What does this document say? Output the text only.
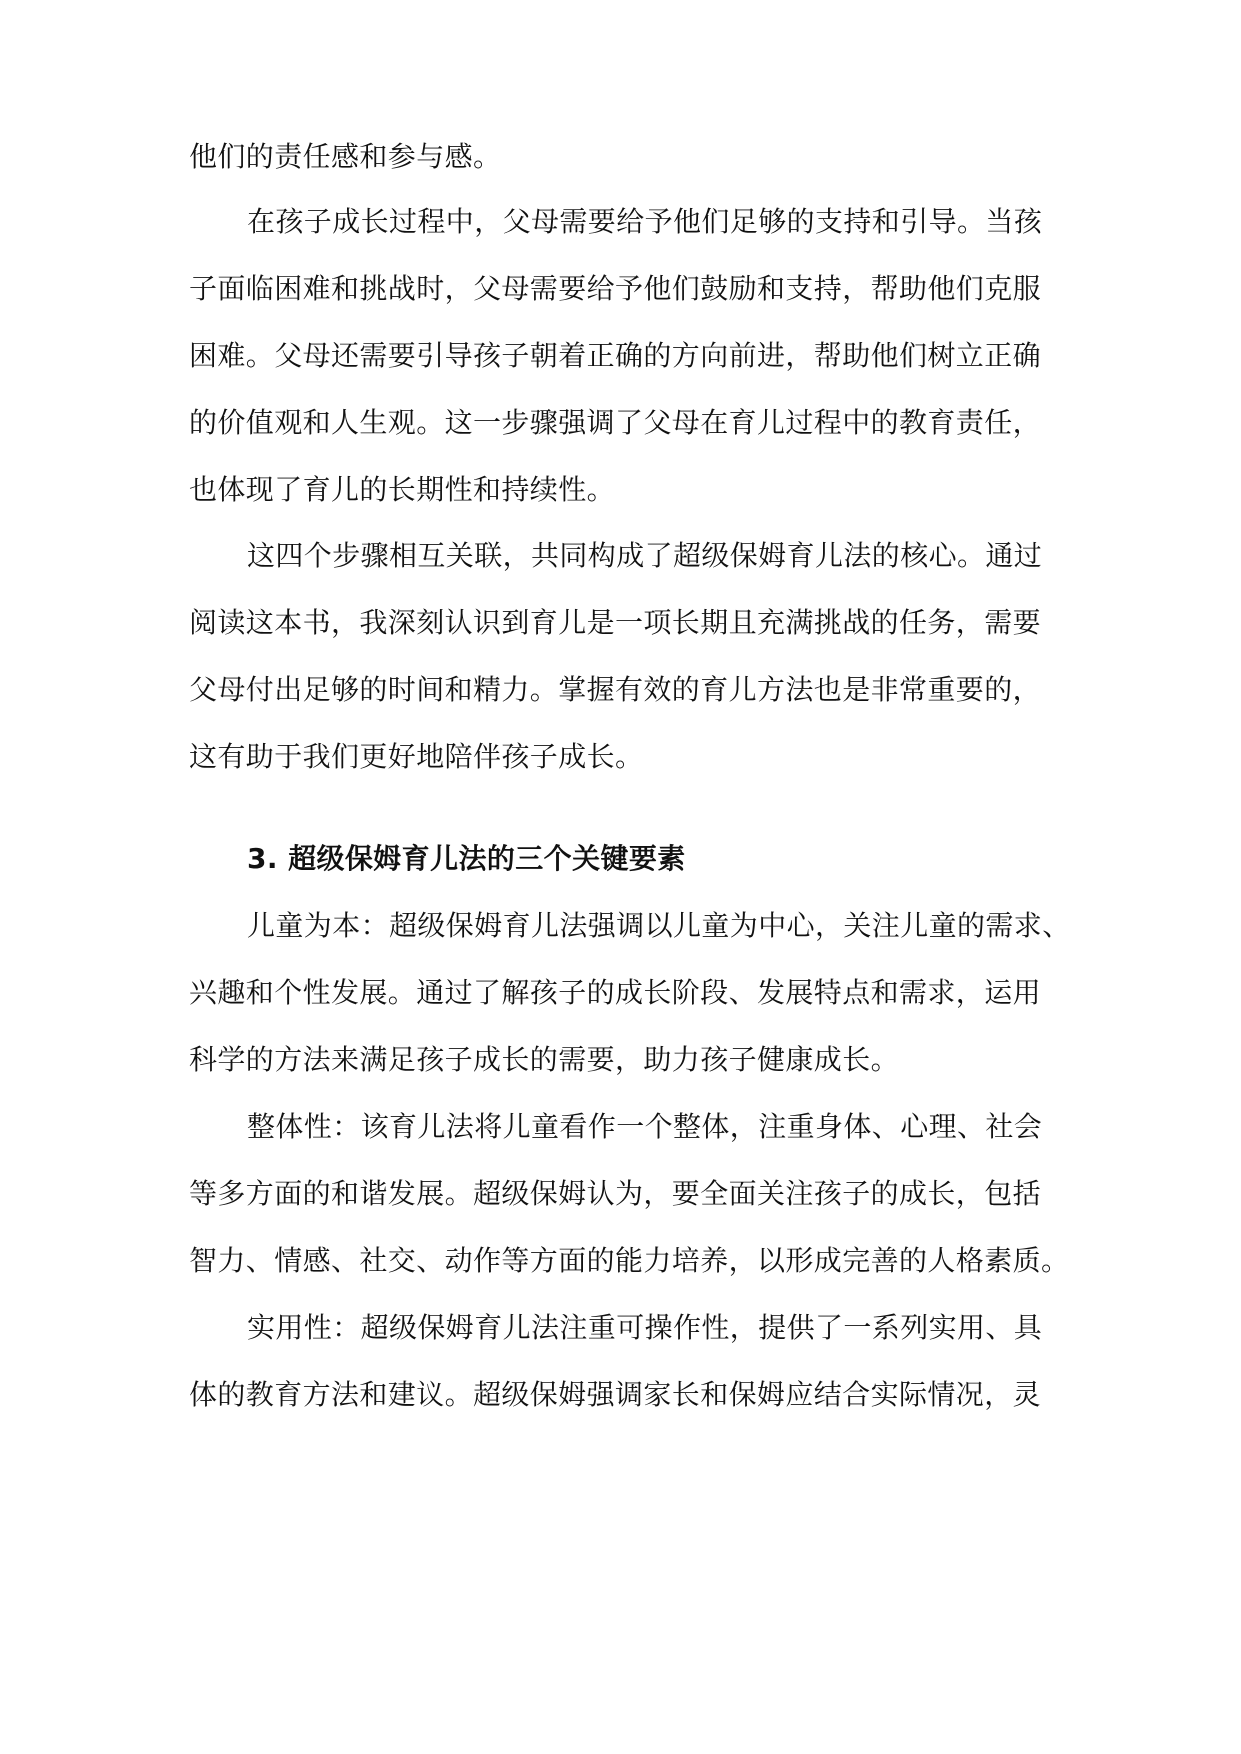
他们的责任感和参与感。
在孩子成长过程中，父母需要给予他们足够的支持和引导。当孩
子面临困难和挑战时，父母需要给予他们鼓励和支持，帮助他们克服
困难。父母还需要引导孩子朝着正确的方向前进，帮助他们树立正确
的价值观和人生观。这一步骤强调了父母在育儿过程中的教育责任，
也体现了育儿的长期性和持续性。
这四个步骤相互关联，共同构成了超级保姆育儿法的核心。通过
阅读这本书，我深刻认识到育儿是一项长期且充满挑战的任务，需要
父母付出足够的时间和精力。掌握有效的育儿方法也是非常重要的，
这有助于我们更好地陪伴孩子成长。
3. 超级保姆育儿法的三个关键要素
儿童为本：超级保姆育儿法强调以儿童为中心，关注儿童的需求、
兴趣和个性发展。通过了解孩子的成长阶段、发展特点和需求，运用
科学的方法来满足孩子成长的需要，助力孩子健康成长。
整体性：该育儿法将儿童看作一个整体，注重身体、心理、社会
等多方面的和谐发展。超级保姆认为，要全面关注孩子的成长，包括
智力、情感、社交、动作等方面的能力培养，以形成完善的人格素质。
实用性：超级保姆育儿法注重可操作性，提供了一系列实用、具
体的教育方法和建议。超级保姆强调家长和保姆应结合实际情况，灵
